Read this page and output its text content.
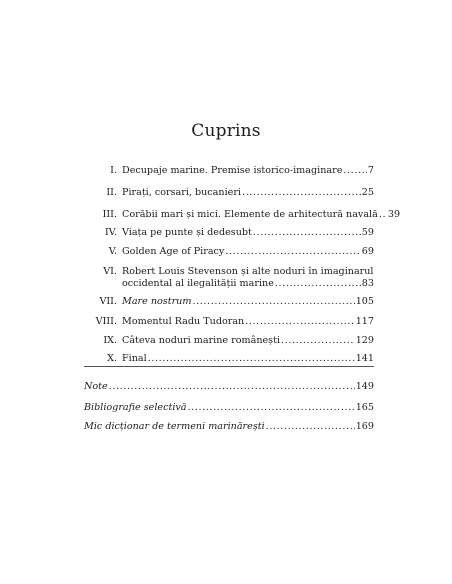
Cuprins
I. Decupaje marine. Premise istorico-imaginare .....	7
II. Pirați, corsari, bucanieri .....	25
III. Corăbii mari și mici. Elemente de arhitectură navală ..... 39
IV. Viața pe punte și dedesubt .....	59
V. Golden Age of Piracy .....	69
VI. Robert Louis Stevenson și alte noduri în imaginarul
occidental al ilegalității marine .....	83
VII. Mare nostrum .....	105
VIII. Momentul Radu Tudoran .....	117
IX. Câteva noduri marine românești .....	129
X. Final .....	141
Note .....	149
Bibliografie selectivă .....	165
Mic dicționar de termeni marinărești .....	169
